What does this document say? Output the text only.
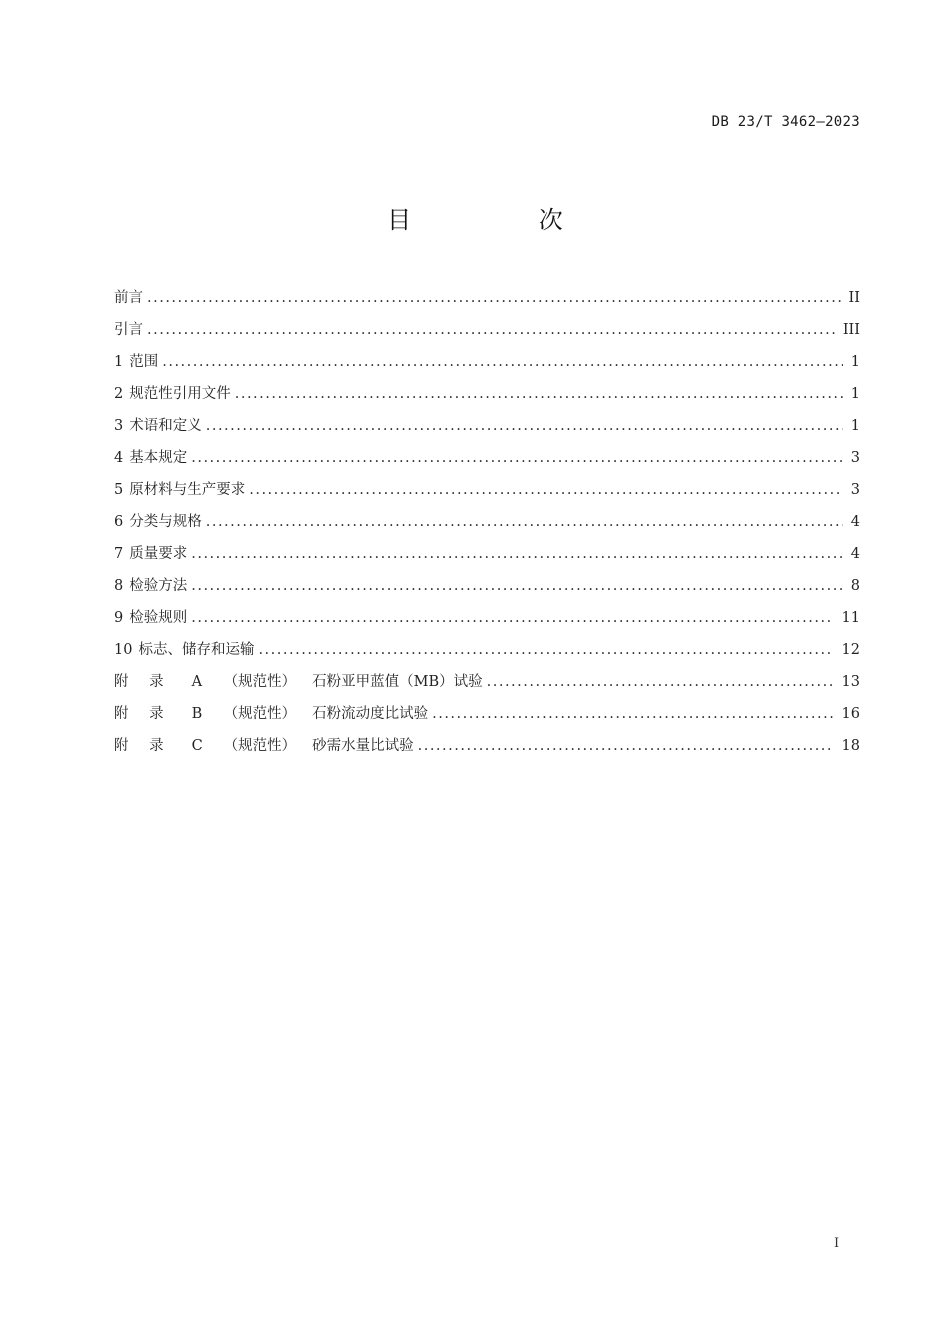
DB 23/T 3462—2023
目 次
前言 .....	II
引言 .....	III
1 范围 .....	1
2 规范性引用文件 .....	1
3 术语和定义 .....	1
4 基本规定 .....	3
5 原材料与生产要求 .....	3
6 分类与规格 .....	4
7 质量要求 .....	4
8 检验方法 .....	8
9 检验规则 .....	11
10 标志、储存和运输 .....	12
附 录 A （规范性） 石粉亚甲蓝值（MB）试验 .....	13
附 录 B （规范性） 石粉流动度比试验 .....	16
附 录 C （规范性） 砂需水量比试验 .....	18
I
